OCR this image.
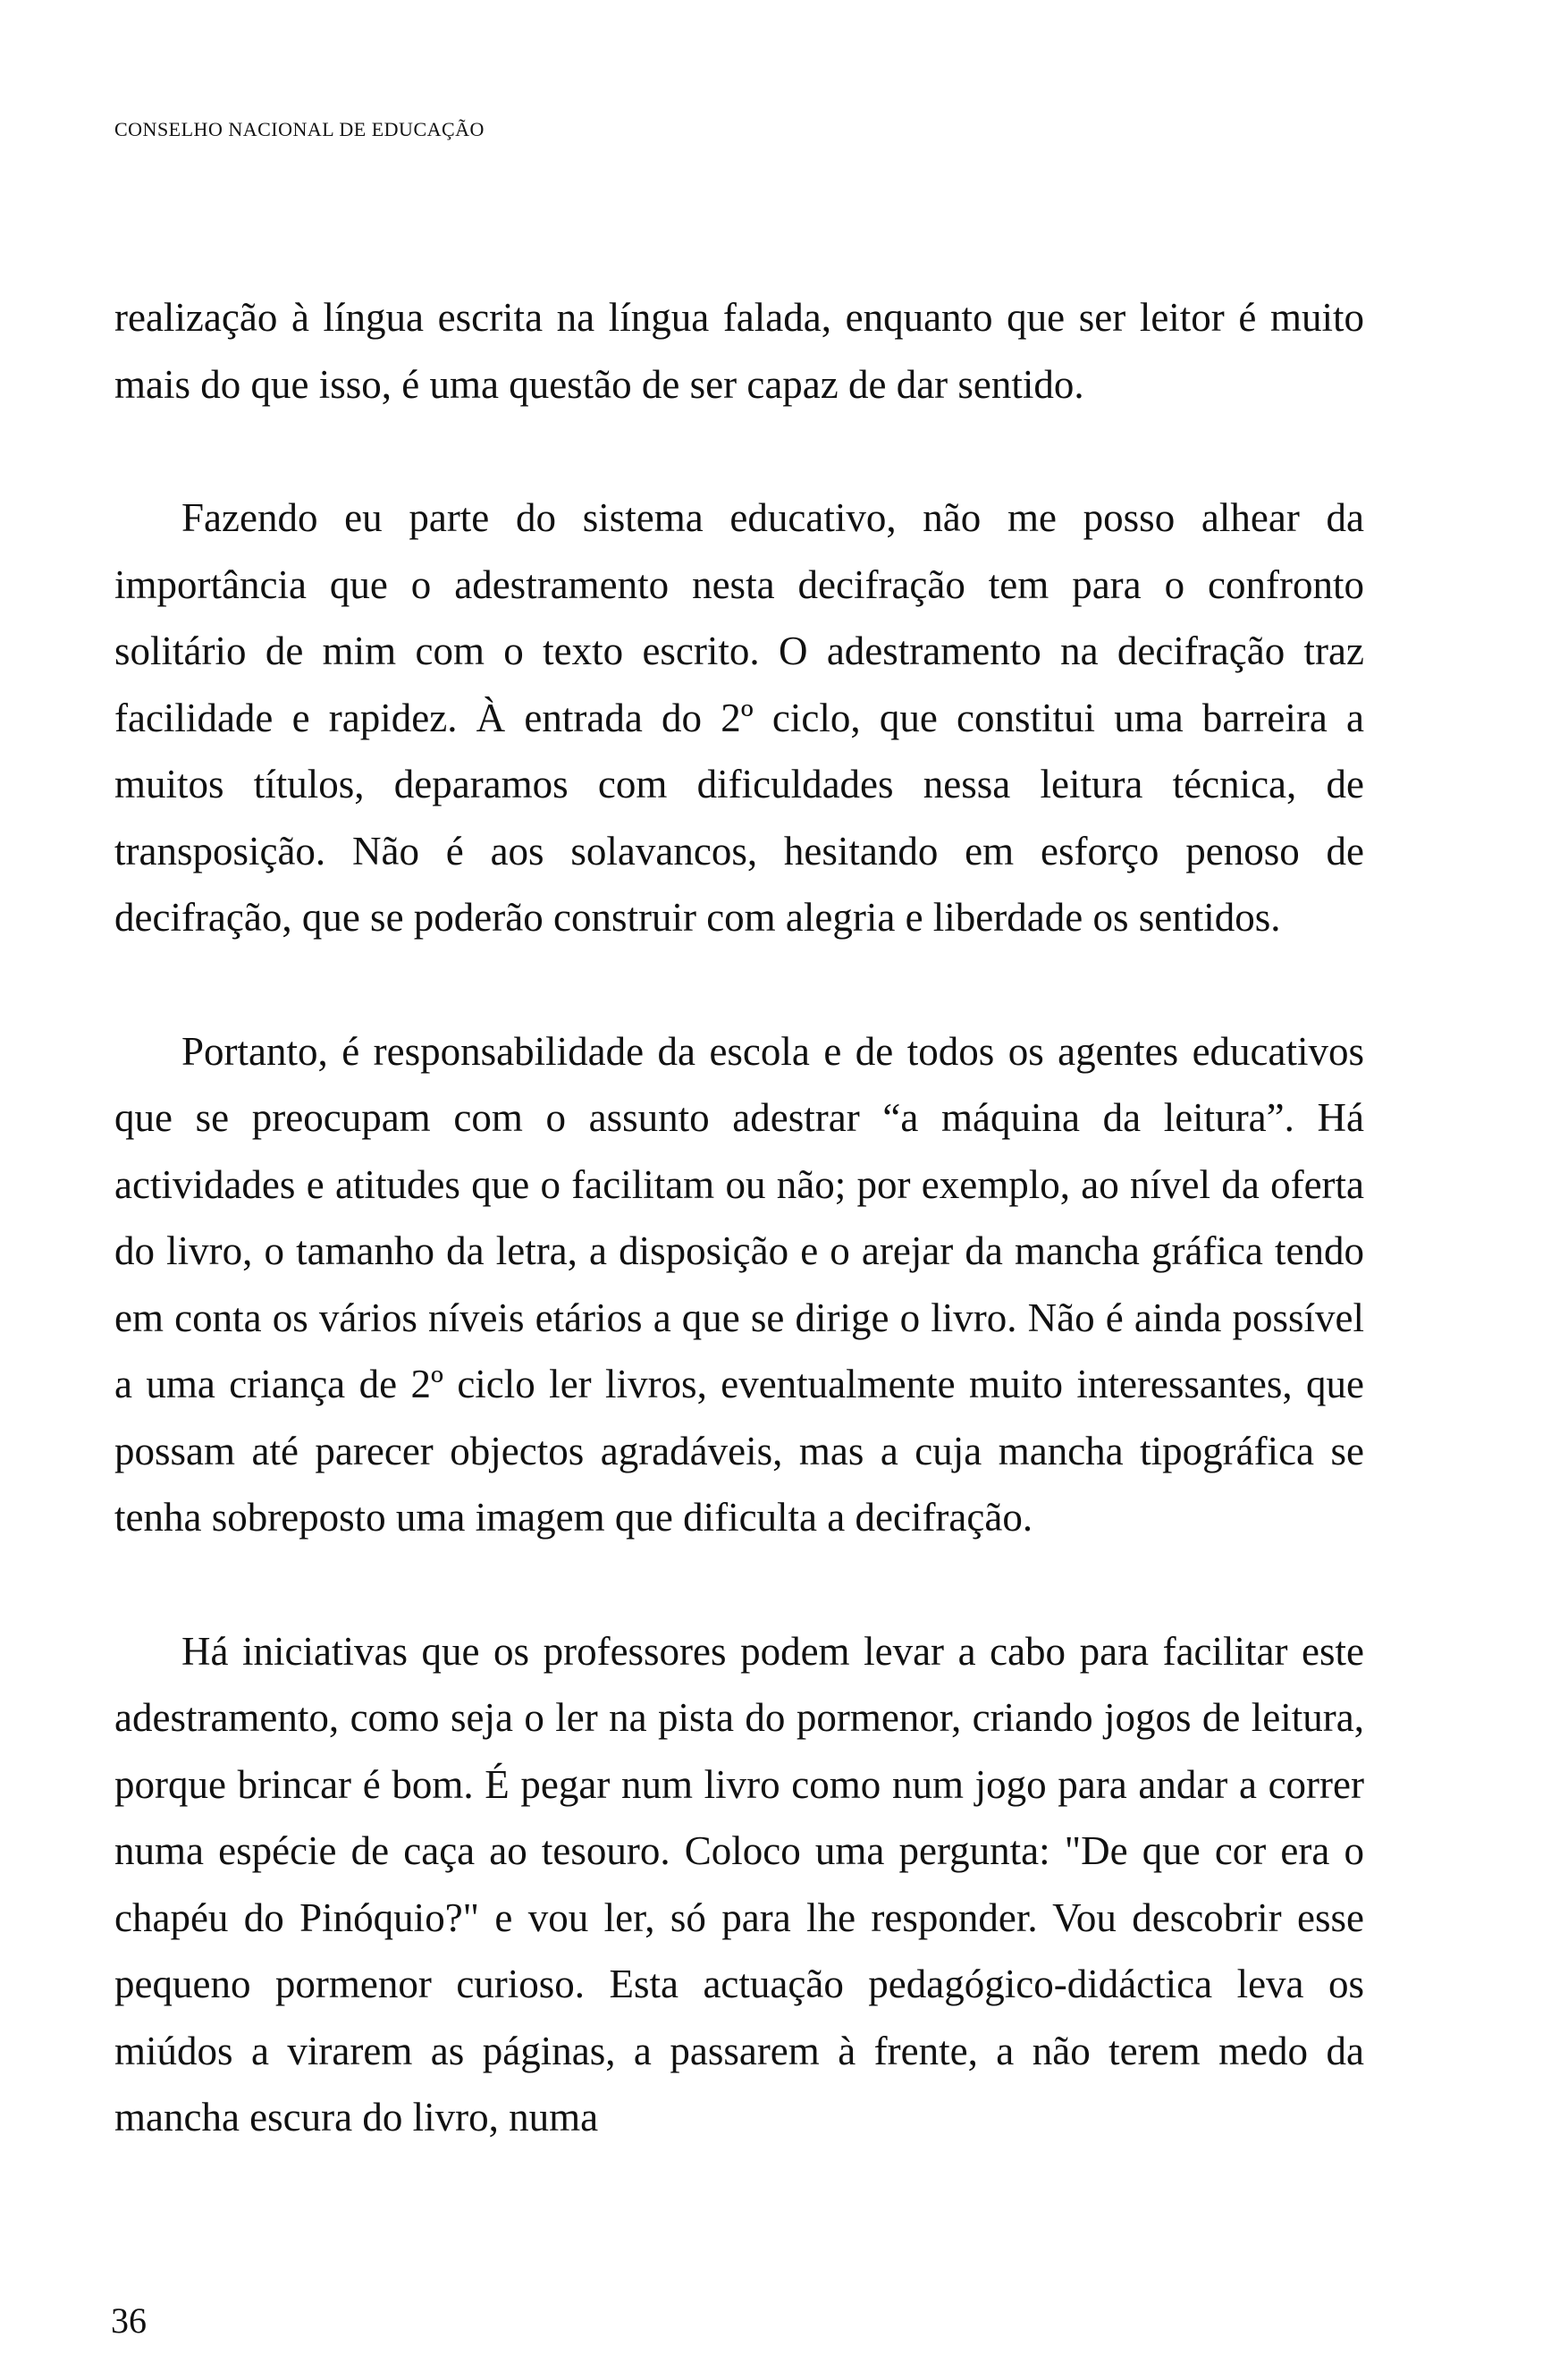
CONSELHO NACIONAL DE EDUCAÇÃO

realização à língua escrita na língua falada, enquanto que ser leitor é muito mais do que isso, é uma questão de ser capaz de dar sentido.

Fazendo eu parte do sistema educativo, não me posso alhear da importância que o adestramento nesta decifração tem para o confronto solitário de mim com o texto escrito. O adestramento na decifração traz facilidade e rapidez. À entrada do 2º ciclo, que constitui uma barreira a muitos títulos, deparamos com dificuldades nessa leitura técnica, de transposição. Não é aos solavancos, hesitando em esforço penoso de decifração, que se poderão construir com alegria e liberdade os sentidos.

Portanto, é responsabilidade da escola e de todos os agentes educativos que se preocupam com o assunto adestrar “a máquina da leitura”. Há actividades e atitudes que o facilitam ou não; por exemplo, ao nível da oferta do livro, o tamanho da letra, a disposição e o arejar da mancha gráfica tendo em conta os vários níveis etários a que se dirige o livro. Não é ainda possível a uma criança de 2º ciclo ler livros, eventualmente muito interessantes, que possam até parecer objectos agradáveis, mas a cuja mancha tipográfica se tenha sobreposto uma imagem que dificulta a decifração.

Há iniciativas que os professores podem levar a cabo para facilitar este adestramento, como seja o ler na pista do pormenor, criando jogos de leitura, porque brincar é bom. É pegar num livro como num jogo para andar a correr numa espécie de caça ao tesouro. Coloco uma pergunta: "De que cor era o chapéu do Pinóquio?" e vou ler, só para lhe responder. Vou descobrir esse pequeno pormenor curioso. Esta actuação pedagógico-didáctica leva os miúdos a virarem as páginas, a passarem à frente, a não terem medo da mancha escura do livro, numa

36
